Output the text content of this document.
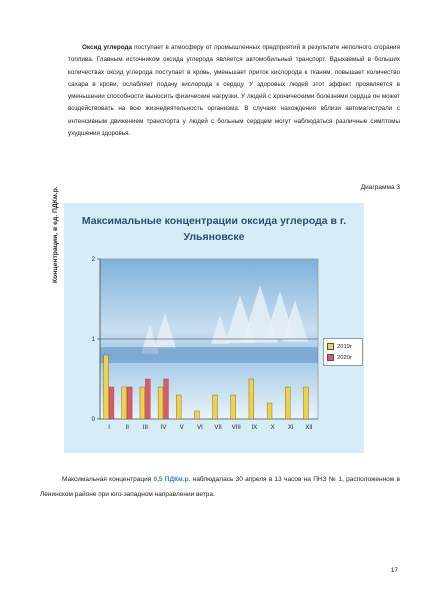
Оксид углерода поступает в атмосферу от промышленных предприятий в результате неполного сгорания топлива. Главным источником оксида углерода является автомобильный транспорт. Вдыхаемый в больших количествах оксид углерода поступает в кровь, уменьшает приток кислорода к тканям, повышает количество сахара в крови, ослабляет подачу кислорода к сердцу. У здоровых людей этот эффект проявляется в уменьшении способности выносить физические нагрузки. У людей с хроническими болезнями сердца он может воздействовать на всю жизнедеятельность организма. В случаях нахождения вблизи автомагистрали с интенсивным движением транспорта у людей с больным сердцем могут наблюдаться различные симптомы ухудшения здоровья.
Диаграмма 3
Максимальные концентрации оксида углерода в г. Ульяновске
Концентрации, в ед. ПДКм.р.
0
1
2
I	II III IV V VI VII VIII IX X XI XII
2019г
2020г
Максимальная концентрация 0,5 ПДКм.р. наблюдалась 30 апреля в 13 часов на ПНЗ № 1, расположенном в Ленинском районе при юго-западном направлении ветра.
17
